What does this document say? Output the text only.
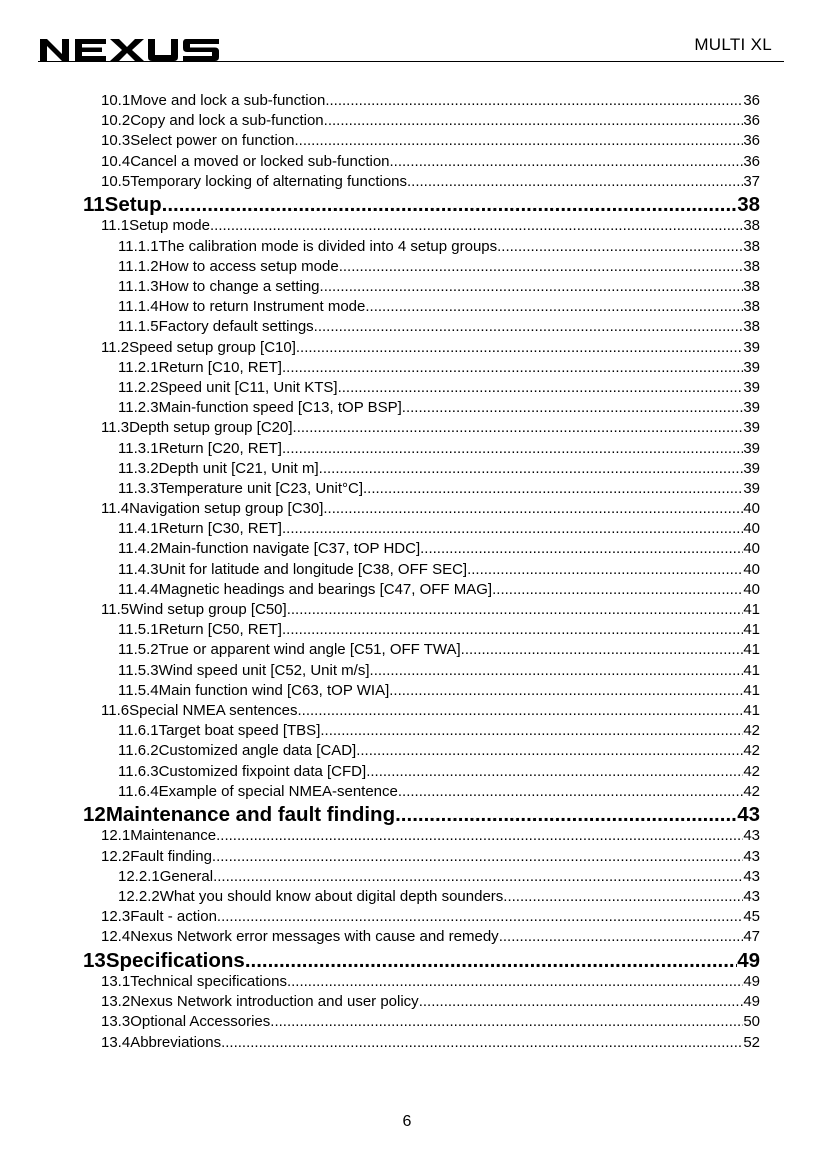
MULTI XL
10.1 Move and lock a sub-function .....	36
10.2 Copy and lock a sub-function .....	36
10.3 Select power on function .....	36
10.4 Cancel a moved or locked sub-function .....	36
10.5 Temporary locking of alternating functions .....	37
11 Setup .....	38
11.1 Setup mode .....	38
11.1.1 The calibration mode is divided into 4 setup groups .....	38
11.1.2 How to access setup mode .....	38
11.1.3 How to change a setting .....	38
11.1.4 How to return Instrument mode .....	38
11.1.5 Factory default settings .....	38
11.2 Speed setup group [C10] .....	39
11.2.1 Return [C10, RET] .....	39
11.2.2 Speed unit [C11, Unit KTS] .....	39
11.2.3 Main-function speed [C13, tOP BSP] .....	39
11.3 Depth setup group [C20] .....	39
11.3.1 Return [C20, RET] .....	39
11.3.2 Depth unit [C21, Unit m] .....	39
11.3.3 Temperature unit [C23, Unit°C] .....	39
11.4 Navigation setup group [C30] .....	40
11.4.1 Return [C30, RET] .....	40
11.4.2 Main-function navigate [C37, tOP HDC] .....	40
11.4.3 Unit for latitude and longitude [C38, OFF SEC] .....	40
11.4.4 Magnetic headings and bearings [C47, OFF MAG] .....	40
11.5 Wind setup group [C50] .....	41
11.5.1 Return [C50, RET] .....	41
11.5.2 True or apparent wind angle [C51, OFF TWA] .....	41
11.5.3 Wind speed unit [C52, Unit m/s] .....	41
11.5.4 Main function wind [C63, tOP WIA] .....	41
11.6 Special NMEA sentences .....	41
11.6.1 Target boat speed [TBS] .....	42
11.6.2 Customized angle data [CAD] .....	42
11.6.3 Customized fixpoint data [CFD] .....	42
11.6.4 Example of special NMEA-sentence .....	42
12 Maintenance and fault finding .....	43
12.1 Maintenance .....	43
12.2 Fault finding .....	43
12.2.1 General .....	43
12.2.2 What you should know about digital depth sounders .....	43
12.3 Fault - action .....	45
12.4 Nexus Network error messages with cause and remedy .....	47
13 Specifications .....	49
13.1 Technical specifications .....	49
13.2 Nexus Network introduction and user policy .....	49
13.3 Optional Accessories .....	50
13.4 Abbreviations .....	52
6
